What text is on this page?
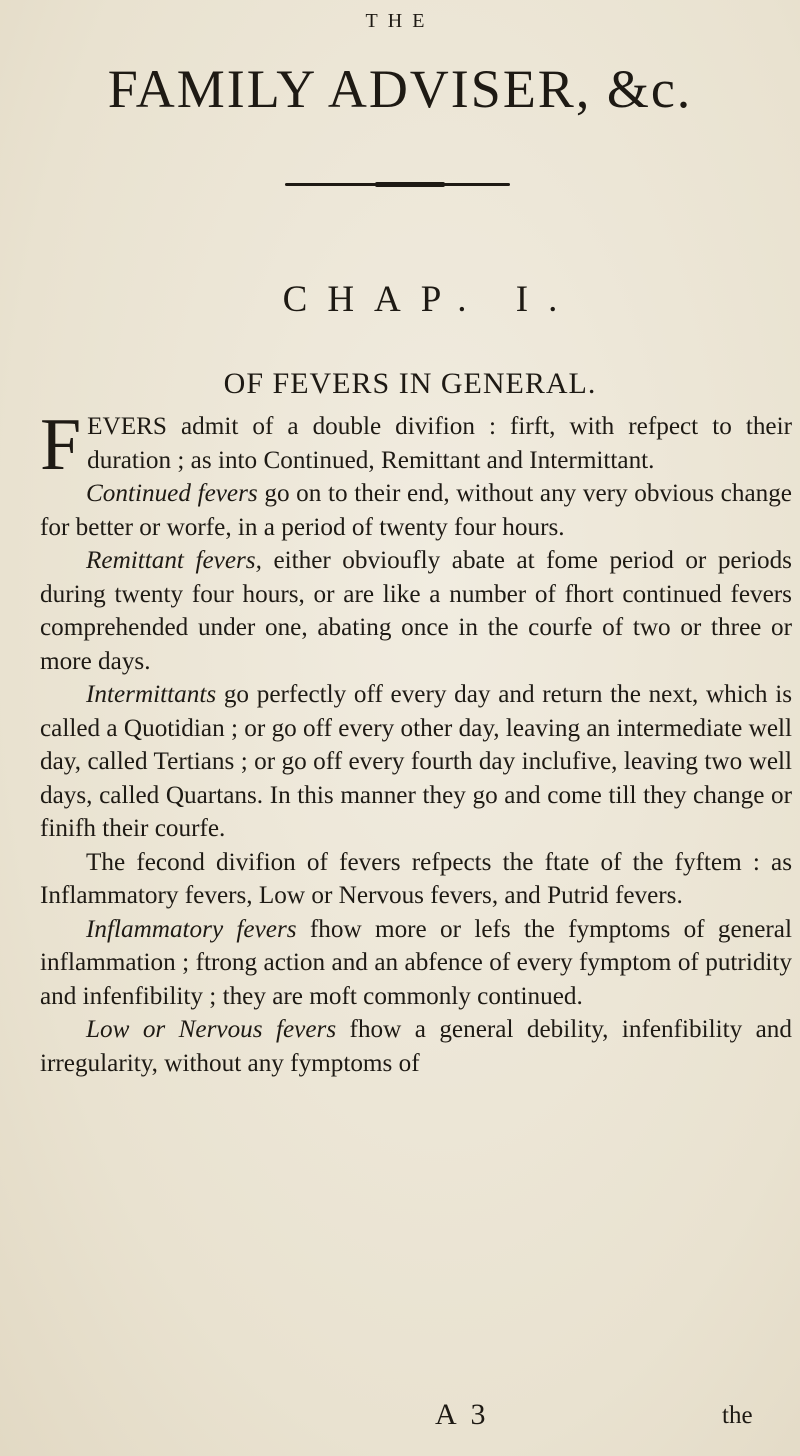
THE
FAMILY ADVISER, &c.
CHAP. I.
OF FEVERS IN GENERAL.

FEVERS admit of a double divifion : firft, with refpect to their duration ; as into Continued, Remittant and Intermittant.

Continued fevers go on to their end, without any very obvious change for better or worfe, in a period of twenty four hours.

Remittant fevers, either obvioufly abate at fome period or periods during twenty four hours, or are like a number of fhort continued fevers comprehended under one, abating once in the courfe of two or three or more days.

Intermittants go perfectly off every day and return the next, which is called a Quotidian ; or go off every other day, leaving an intermediate well day, called Tertians ; or go off every fourth day inclufive, leaving two well days, called Quartans. In this manner they go and come till they change or finifh their courfe.

The fecond divifion of fevers refpects the ftate of the fyftem : as Inflammatory fevers, Low or Nervous fevers, and Putrid fevers.

Inflammatory fevers fhow more or lefs the fymptoms of general inflammation ; ftrong action and an abfence of every fymptom of putridity and infenfibility ; they are moft commonly continued.

Low or Nervous fevers fhow a general debility, infenfibility and irregularity, without any fymptoms of

A 3	the
